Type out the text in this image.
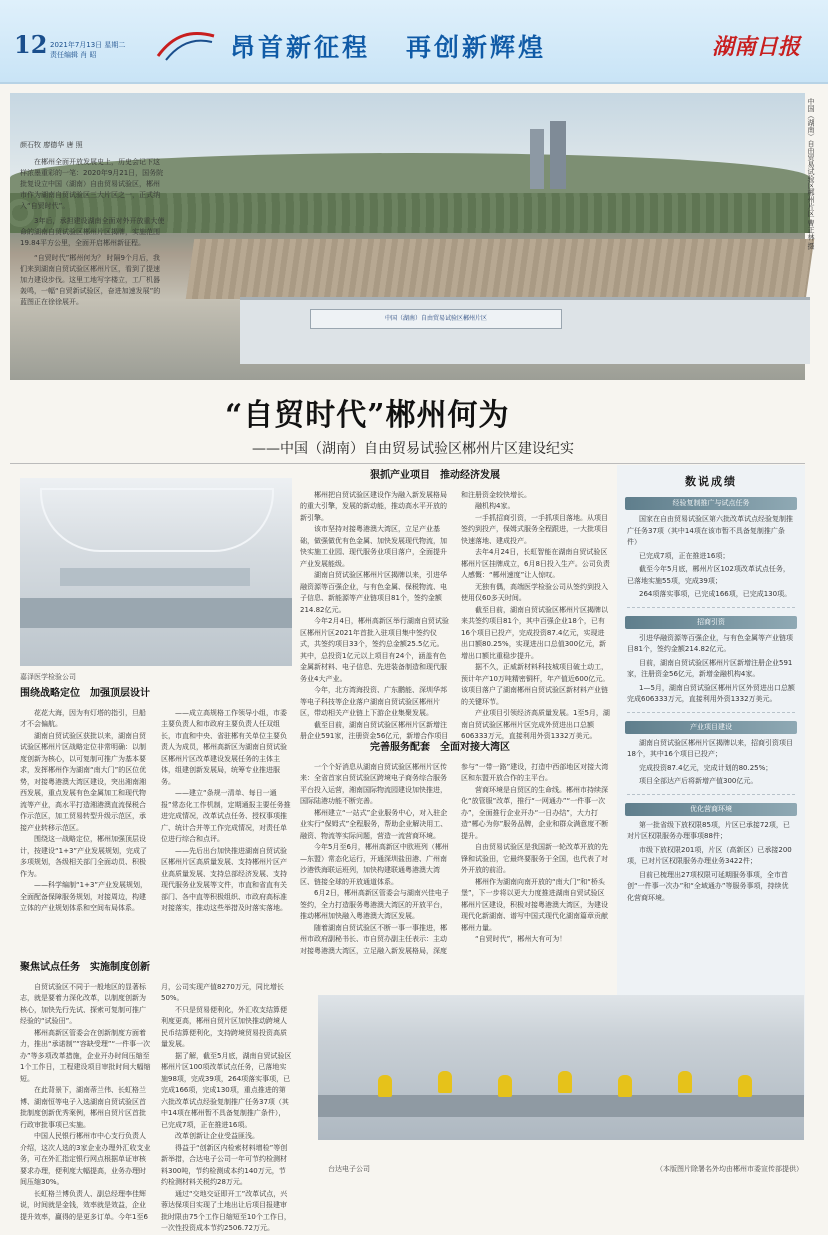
12 2021年7月13日 星期二
责任编辑 肖 昭	昂首新征程 再创新辉煌	湖南日报
中国（湖南）自由贸易试验区郴州片区
中国（湖南）自由贸易试验区郴州片区 曹正林 摄
颜石牧 廖德华 唐 照

在郴州全面开放发展史上，历史会记下这样浓墨重彩的一笔：2020年9月21日，国务院批复设立中国（湖南）自由贸易试验区，郴州市作为湖南自贸试验区三大片区之一，正式纳入“自贸时代”。

3年后，承担建设湖南全面对外开放重大使命的湖南自贸试验区郴州片区揭牌，实施范围19.84平方公里，全面开启郴州新征程。

“自贸时代”郴州何为？ 时隔9个月后，我们来到湖南自贸试验区郴州片区，看到了提速加力建设步伐。这里工地写字楼立，工厂机器轰鸣，一幅“自贸新试验区，奋进加速发展”的蓝图正在徐徐展开。

“自贸时代”郴州何为
——中国（湖南）自由贸易试验区郴州片区建设纪实
嘉泽医学检验公司
围绕战略定位　加强顶层设计

花花大海，因为有灯塔的指引，旦船才不会偏航。

湖南自贸试验区获批以来，湖南自贸试验区郴州片区战略定位非常明确：以制度创新为核心，以可复制可推广为基本要求，发挥郴州作为湖南“南大门”的区位优势，对接粤港澳大湾区建设，突出湘南湘西发展，重点发展有色金属加工和现代物流等产业，高水平打造湘港澳直流保税合作示范区，加工贸易转型升级示范区，承接产业转移示范区。

围绕这一战略定位，郴州加强顶层设计，按建设“1+3”产业发展规划，完成了多项规划，各级相关部门全面动员、积极作为。

——科学编制“1+3”产业发展规划，全面配备保障服务规划，对接周边，构建立体的产业规划体系和空间布局体系。

——成立高规格工作领导小组，市委主要负责人和市政府主要负责人任双组长，市直和中央、省驻郴有关单位主要负责人为成员，郴州高新区为湖南自贸试验区郴州片区改革建设发展任务的主体主体，组建创新发展局，统筹专业推进服务。

——建立“条规一清单、每日一通报”常态化工作机制，定期通报主要任务推进完成情况，改革试点任务、授权事项推广、统计合并等工作完成情况，对责任单位进行综合和点评。

——先后出台加快推进湖南自贸试验区郴州片区高质量发展、支持郴州片区产业高质量发展、支持总部经济发展、支持现代服务业发展等文件，市直和省直有关部门、各中直等积极组织、市政府高标准对接落实，推动这些举措及时落实落地。

聚焦试点任务　实施制度创新

自贸试验区不同于一般地区的显著标志，就是要着力深化改革，以制度创新为核心，加快先行先试、探索可复制可推广经验的“试验田”。

郴州高新区管委会在创新制度方面着力，推出“承诺制”“容缺受理”“一件事一次办”等多项改革措施，企业开办时间压缩至1个工作日，工程建设项目审批时间大幅缩短。

在此背景下，湖南蒂兰伟、长虹格兰博、湖南恒等电子入选湖南自贸试验区首批制度创新优秀案例，郴州自贸片区首批行政审批事项已实施。

中国人民银行郴州市中心支行负责人介绍，这次人选的3家企业办理外汇收支业务，可在外汇指定银行网点根据单证审核要求办理，便利度大幅提高，业务办理时间压缩30%。

长虹格兰博负责人、副总经理李佳辉说，时间就是金钱，效率就是效益，企业提升效率，赢得的是更多订单。今年1至6月，公司实现产值8270万元，同比增长50%。

不只是贸易便利化，外汇收支结算便利度更高，郴州自贸片区加快推动跨境人民币结算便利化，支持跨境贸易投资高质量发展。

据了解，截至5月底，湖南自贸试验区郴州片区100项改革试点任务，已落地实施98项，完成39项，264项落实事项，已完成166项，完成130项，重点推进的第六批改革试点经验复制推广任务37项（其中14项在郴州暂不具备复制推广条件），已完成7项，正在推进16项。

改革创新让企业受益匪浅。

得益于“创新区内检索材料增检”等创新举措，合达电子公司一年可节约检测材料300吨，节约检测成本约140万元，节约检测材料关税约28万元。

通过“交地交证即开工”改革试点，兴蓉达保项目实现了土地出让后项目报建审批时限由75个工作日缩短至10个工作日，一次性投资成本节约2506.72万元。

狠抓产业项目　推动经济发展

郴州把自贸试验区建设作为融入新发展格局的重大引擎，发展的新动能，推动高水平开放的新引擎。

该市坚持对接粤港澳大湾区，立足产业基础，做强做优有色金属、加快发展现代物流，加快实施工业园、现代服务业项目落户，全面提升产业发展能级。

湖南自贸试验区郴州片区揭牌以来，引进华融资源等百强企业，与有色金属、保税物流、电子信息、新能源等产业链项目81个，签约金额214.82亿元。

今年2月4日，郴州高新区举行湖南自贸试验区郴州片区2021年首批入驻项目集中签约仪式，共签约项目33个，签约总金额25.5亿元。其中，总投资1亿元以上项目有24个，涵盖有色金属新材料、电子信息、先进装备制造和现代服务业4大产业。

今年，北方湾海投资、广东鹏能、深圳华邦等电子科技等企业落户湖南自贸试验区郴州片区，带动相关产业链上下游企业集聚发展。

截至目前，湖南自贸试验区郴州片区新增注册企业591家，注册资金56亿元，新增合作项目和注册资金较快增长。

融机构4家。

一手抓招商引资，一手抓项目落地。从项目签约到投产，保姆式服务全程跟进，一大批项目快速落地、建成投产。

去年4月24日，长虹智能在湖南自贸试验区郴州片区挂牌成立，6月8日投入生产。公司负责人感慨：“郴州速度”让人惊叹。

无独有偶，高端医学检验公司从签约到投入使用仅60多天时间。

截至目前，湖南自贸试验区郴州片区揭牌以来共签约项目81个，其中百强企业18个，已有16个项目已投产，完成投资87.4亿元，实现进出口额80.25%，实现进出口总值300亿元，新增出口额比重稳步提升。

据不久，正威新材料科技城项目破土动工，预计年产10万吨精密铜杆，年产值近600亿元。该项目落户了湖南郴州自贸试验区新材料产业链的关键环节。

产业项目引领经济高质量发展。1至5月，湖南自贸试验区郴州片区完成外贸进出口总额606333万元，直接利用外资1332万美元。

完善服务配套　全面对接大湾区

一个个好消息从湖南自贸试验区郴州片区传来：全省首家自贸试验区跨境电子商务综合服务平台投入运营，湘南国际物流园建设加快推进，国际陆港功能不断完善。

郴州建立“一站式”企业服务中心，对入驻企业实行“保姆式”全程服务，帮助企业解决用工、融资、物流等实际问题，营造一流营商环境。

今年5月至6月，郴州高新区中欧班列（郴州—东盟）常态化运行，开通深圳盐田港、广州南沙港铁海联运班列，加快构建联通粤港澳大湾区、链接全球的开放通道体系。

6月2日，郴州高新区管委会与湖南兴佳电子签约，全力打造服务粤港澳大湾区的开放平台，推动郴州加快融入粤港澳大湾区发展。

随着湖南自贸试验区不断一事一事推进，郴州市政府副秘书长、市自贸办副主任表示：主动对接粤港澳大湾区，立足融入新发展格局，深度参与“一带一路”建设，打造中西部地区对接大湾区和东盟开放合作的主平台。

营商环境是自贸区的生命线。郴州市持续深化“放管服”改革，推行“一网通办”“一件事一次办”，全面推行企业开办“一日办结”，大力打造“郴心为你”服务品牌，企业和群众满意度不断提升。

自由贸易试验区是我国新一轮改革开放的先锋和试验田，它最终要服务于全国，也代表了对外开放的前沿。

郴州作为湖南向南开放的“南大门”和“桥头堡”，下一步将以更大力度推进湖南自贸试验区郴州片区建设，积极对接粤港澳大湾区，为建设现代化新湖南、谱写中国式现代化湖南篇章贡献郴州力量。

“自贸时代”，郴州大有可为！

数说成绩
经验复制推广与试点任务

国家在自由贸易试验区第六批改革试点经验复制推广任务37项（其中14项在该市暂不具备复制推广条件）

已完成7项，正在推进16项；

截至今年5月底，郴州片区102项改革试点任务，已落地实施55项，完成39项；

264项落实事项，已完成166项，已完成130项。

招商引资

引进华融资源等百强企业，与有色金属等产业链项目81个，签约金额214.82亿元。

目前，湖南自贸试验区郴州片区新增注册企业591家，注册资金56亿元，新增金融机构4家。

1—5月，湖南自贸试验区郴州片区外贸进出口总额完成606333万元，直接利用外资1332万美元。

产业项目建设

湖南自贸试验区郴州片区揭牌以来，招商引资项目18个，其中16个项目已投产；

完成投资87.4亿元，完成计划的80.25%；

项目全部达产后将新增产值300亿元。

优化营商环境

第一批省级下放权限85项，片区已承接72项，已对片区权限服务办理事项88件；

市级下放权限201项，片区（高新区）已承接200项，已对片区权限服务办理业务3422件；

目前已梳理出27项权限可延期服务事项，全市首创“一件事一次办”和“全域通办”等服务事项，持续优化营商环境。

台达电子公司	（本版图片除署名外均由郴州市委宣传部提供）
